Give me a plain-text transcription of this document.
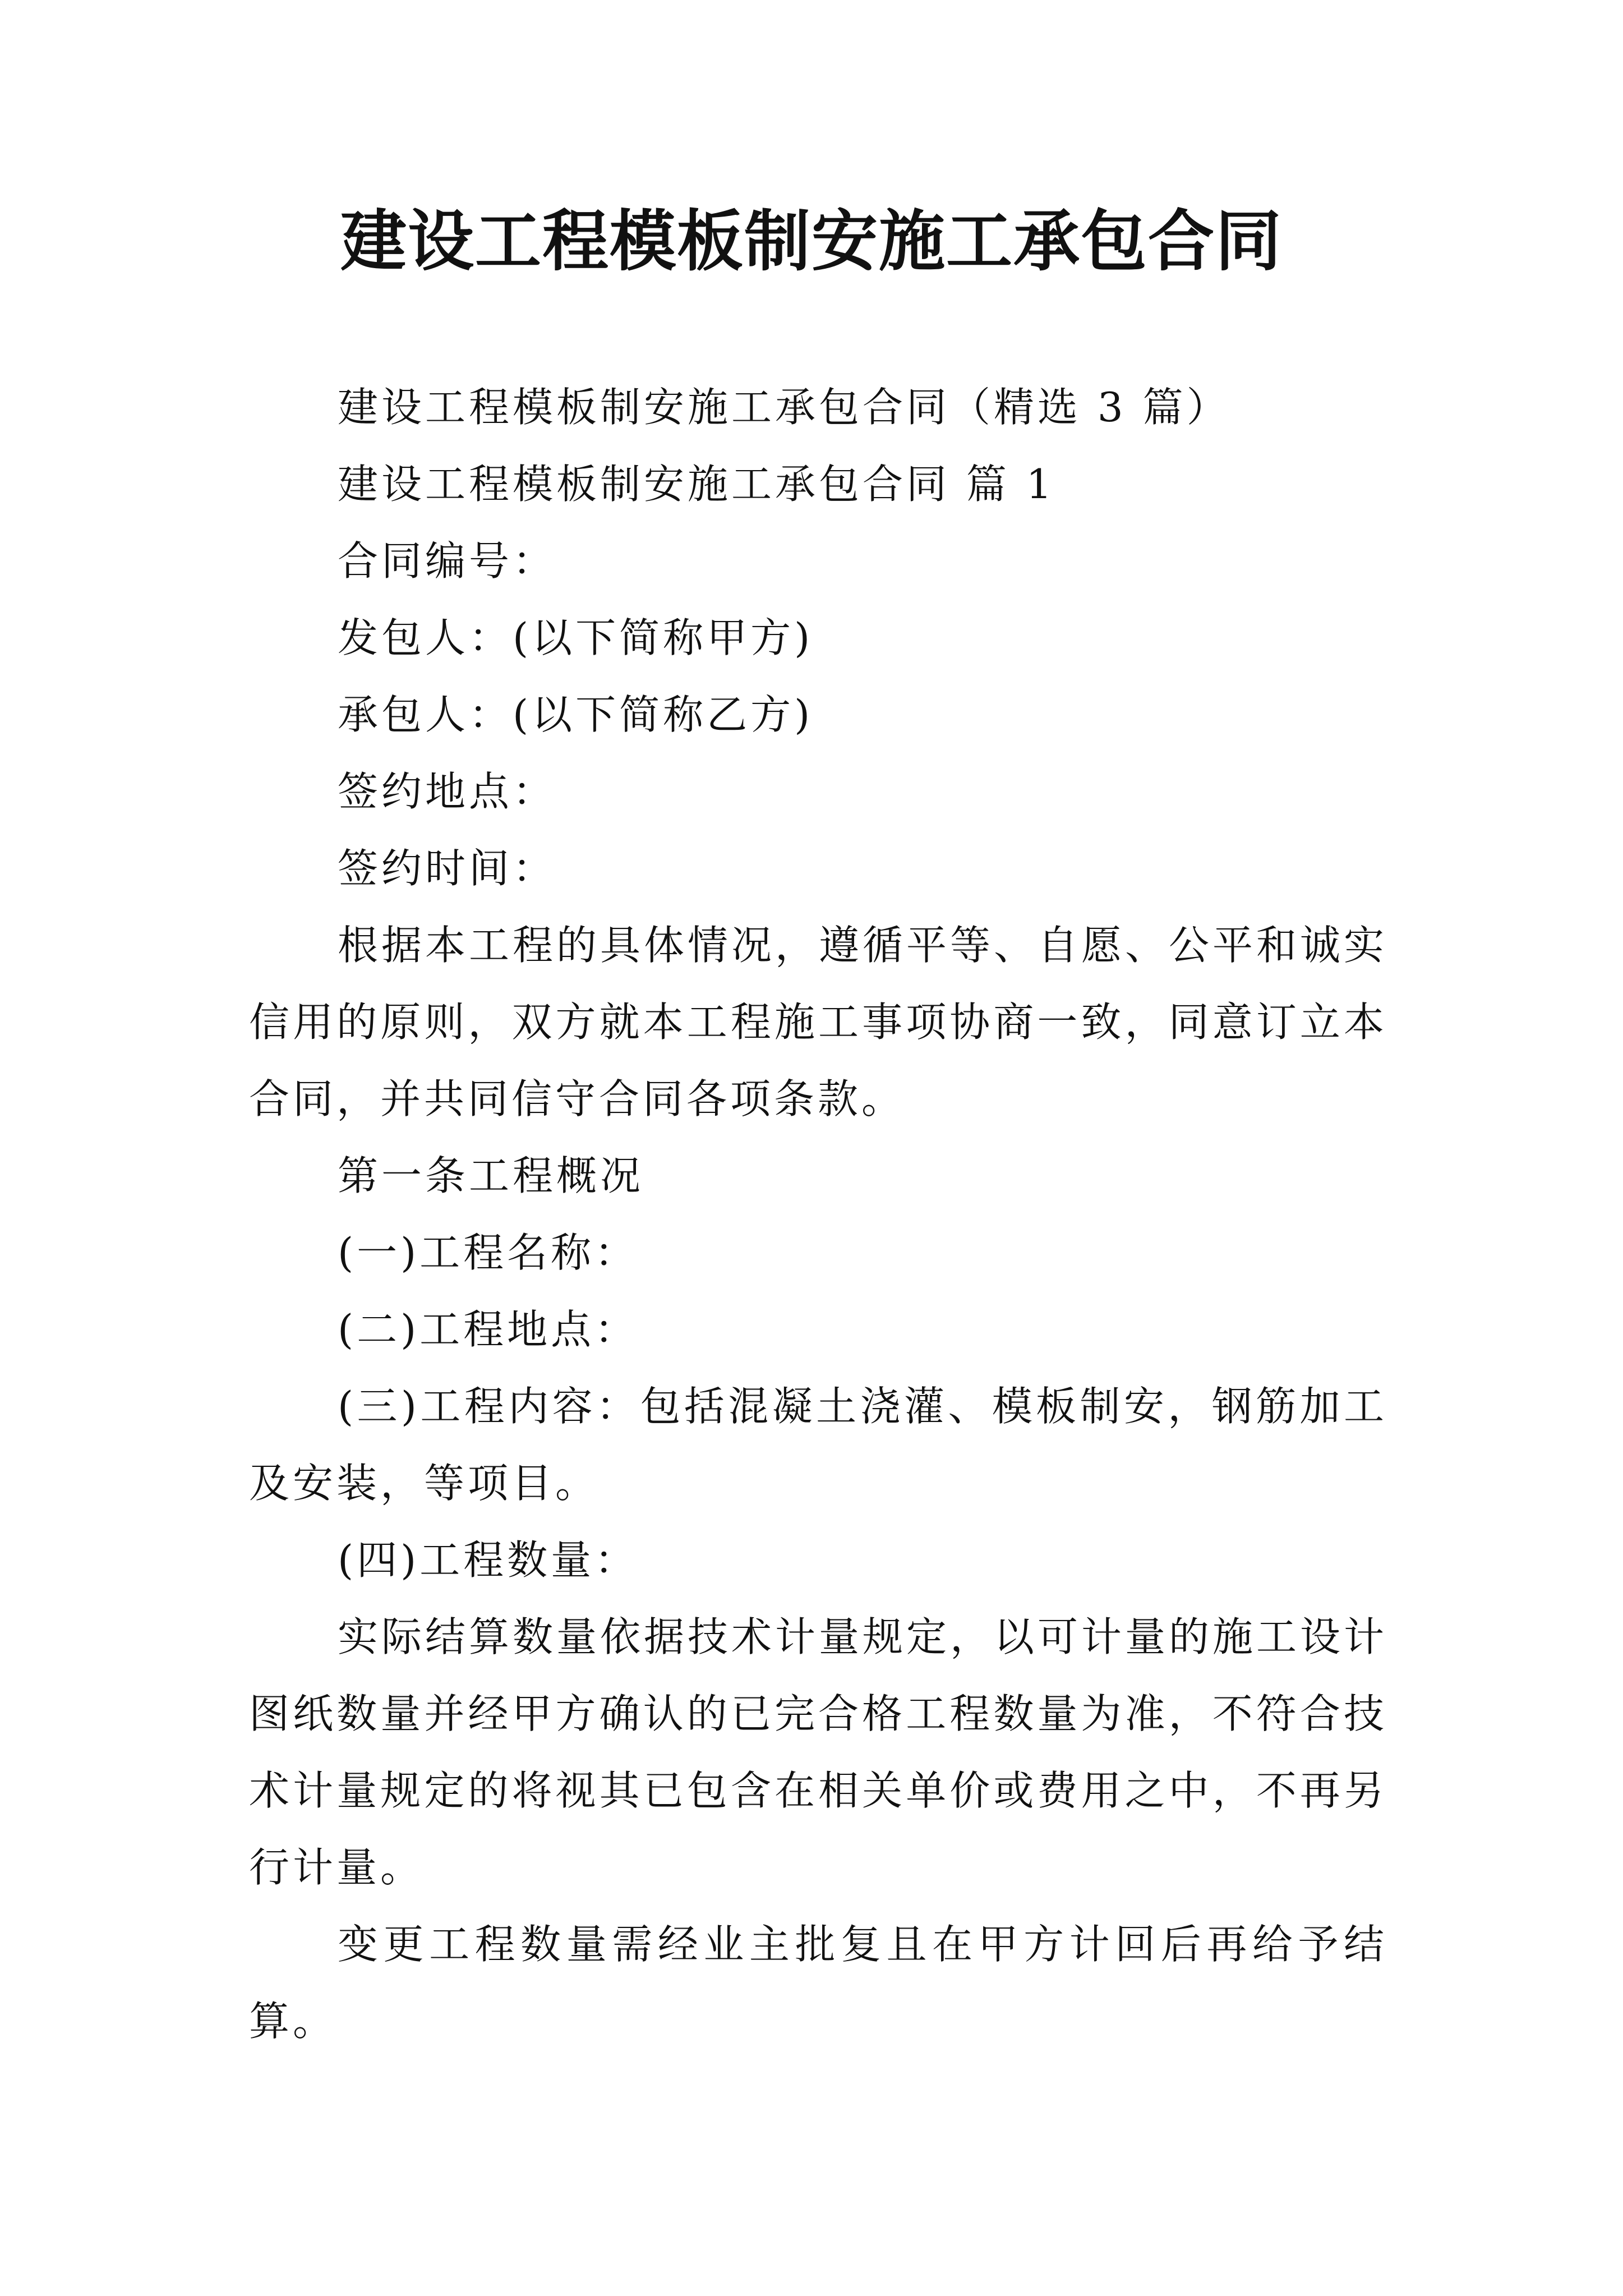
建设工程模板制安施工承包合同

建设工程模板制安施工承包合同（精选 3 篇）

建设工程模板制安施工承包合同 篇 1

合同编号：

发包人：(以下简称甲方)

承包人：(以下简称乙方)

签约地点：

签约时间：

根据本工程的具体情况，遵循平等、自愿、公平和诚实信用的原则，双方就本工程施工事项协商一致，同意订立本合同，并共同信守合同各项条款。

第一条工程概况

(一)工程名称：

(二)工程地点：

(三)工程内容：包括混凝土浇灌、模板制安，钢筋加工及安装，等项目。

(四)工程数量：

实际结算数量依据技术计量规定，以可计量的施工设计图纸数量并经甲方确认的已完合格工程数量为准，不符合技术计量规定的将视其已包含在相关单价或费用之中，不再另行计量。

变更工程数量需经业主批复且在甲方计回后再给予结算。
